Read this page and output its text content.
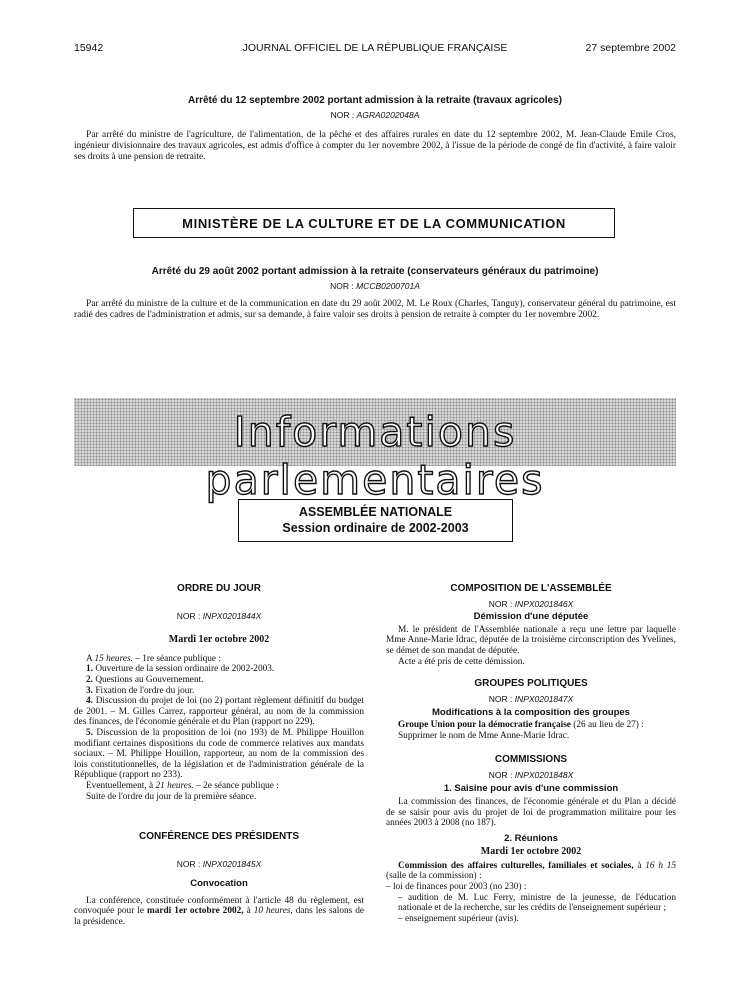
15942	JOURNAL OFFICIEL DE LA RÉPUBLIQUE FRANÇAISE	27 septembre 2002
Arrêté du 12 septembre 2002 portant admission à la retraite (travaux agricoles)
NOR : AGRA0202048A
Par arrêté du ministre de l'agriculture, de l'alimentation, de la pêche et des affaires rurales en date du 12 septembre 2002, M. Jean-Claude Emile Cros, ingénieur divisionnaire des travaux agricoles, est admis d'office à compter du 1er novembre 2002, à l'issue de la période de congé de fin d'activité, à faire valoir ses droits à une pension de retraite.
MINISTÈRE DE LA CULTURE ET DE LA COMMUNICATION
Arrêté du 29 août 2002 portant admission à la retraite (conservateurs généraux du patrimoine)
NOR : MCCB0200701A
Par arrêté du ministre de la culture et de la communication en date du 29 août 2002, M. Le Roux (Charles, Tanguy), conservateur général du patrimoine, est radié des cadres de l'administration et admis, sur sa demande, à faire valoir ses droits à pension de retraite à compter du 1er novembre 2002.
Informations parlementaires
ASSEMBLÉE NATIONALE
Session ordinaire de 2002-2003
ORDRE DU JOUR
NOR : INPX0201844X
Mardi 1er octobre 2002

A 15 heures. – 1re séance publique :

1. Ouverture de la session ordinaire de 2002-2003.

2. Questions au Gouvernement.

3. Fixation de l'ordre du jour.

4. Discussion du projet de loi (no 2) portant règlement définitif du budget de 2001. – M. Gilles Carrez, rapporteur général, au nom de la commission des finances, de l'économie générale et du Plan (rapport no 229).

5. Discussion de la proposition de loi (no 193) de M. Philippe Houillon modifiant certaines dispositions du code de commerce relatives aux mandats sociaux. – M. Philippe Houillon, rapporteur, au nom de la commission des lois constitutionnelles, de la législation et de l'administration générale de la République (rapport no 233).

Eventuellement, à 21 heures. – 2e séance publique :

Suite de l'ordre du jour de la première séance.

CONFÉRENCE DES PRÉSIDENTS
NOR : INPX0201845X
Convocation

La conférence, constituée conformément à l'article 48 du règlement, est convoquée pour le mardi 1er octobre 2002, à 10 heures, dans les salons de la présidence.

COMPOSITION DE L'ASSEMBLÉE
NOR : INPX0201846X
Démission d'une députée

M. le président de l'Assemblée nationale a reçu une lettre par laquelle Mme Anne-Marie Idrac, députée de la troisième circonscription des Yvelines, se démet de son mandat de députée.

Acte a été pris de cette démission.

GROUPES POLITIQUES
NOR : INPX0201847X
Modifications à la composition des groupes

Groupe Union pour la démocratie française (26 au lieu de 27) :

Supprimer le nom de Mme Anne-Marie Idrac.

COMMISSIONS
NOR : INPX0201848X
1. Saisine pour avis d'une commission

La commission des finances, de l'économie générale et du Plan a décidé de se saisir pour avis du projet de loi de programmation militaire pour les années 2003 à 2008 (no 187).

2. Réunions
Mardi 1er octobre 2002

Commission des affaires culturelles, familiales et sociales, à 16 h 15 (salle de la commission) :

– loi de finances pour 2003 (no 230) :

– audition de M. Luc Ferry, ministre de la jeunesse, de l'éducation nationale et de la recherche, sur les crédits de l'enseignement supérieur ;

– enseignement supérieur (avis).
